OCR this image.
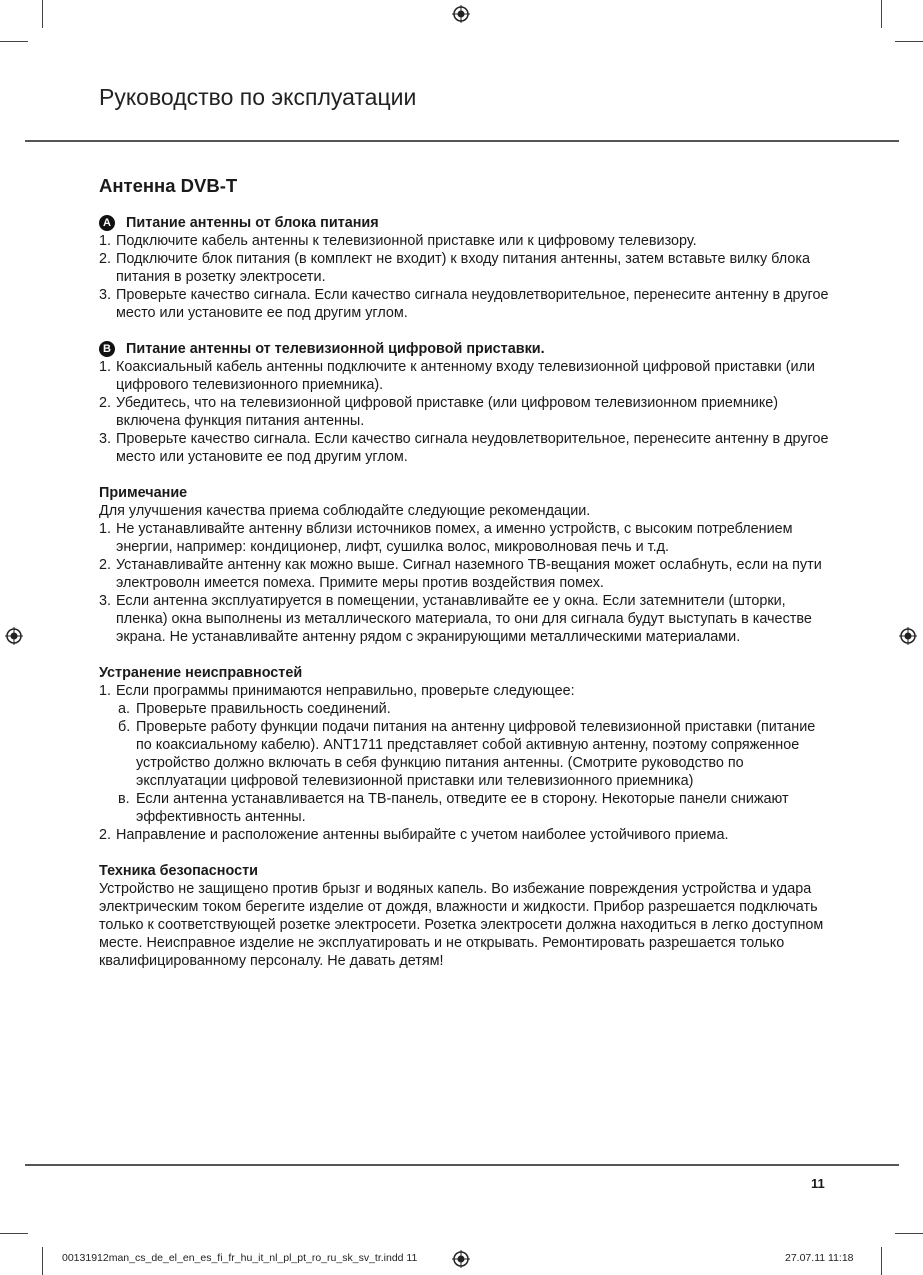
Руководство по эксплуатации
Антенна DVB-T
A Питание антенны от блока питания
1. Подключите кабель антенны к телевизионной приставке или к цифровому телевизору.
2. Подключите блок питания (в комплект не входит) к входу питания антенны, затем вставьте вилку блока питания в розетку электросети.
3. Проверьте качество сигнала. Если качество сигнала неудовлетворительное, перенесите антенну в другое место или установите ее под другим углом.
B Питание антенны от телевизионной цифровой приставки.
1. Коаксиальный кабель антенны подключите к антенному входу телевизионной цифровой приставки (или цифрового телевизионного приемника).
2. Убедитесь, что на телевизионной цифровой приставке (или цифровом телевизионном приемнике) включена функция питания антенны.
3. Проверьте качество сигнала. Если качество сигнала неудовлетворительное, перенесите антенну в другое место или установите ее под другим углом.

Примечание

Для улучшения качества приема соблюдайте следующие рекомендации.

1. Не устанавливайте антенну вблизи источников помех, а именно устройств, с высоким потреблением энергии, например: кондиционер, лифт, сушилка волос, микроволновая печь и т.д.
2. Устанавливайте антенну как можно выше. Сигнал наземного ТВ-вещания может ослабнуть, если на пути электроволн имеется помеха. Примите меры против воздействия помех.
3. Если антенна эксплуатируется в помещении, устанавливайте ее у окна. Если затемнители (шторки, пленка) окна выполнены из металлического материала, то они для сигнала будут выступать в качестве экрана. Не устанавливайте антенну рядом с экранирующими металлическими материалами.

Устранение неисправностей

1. Если программы принимаются неправильно, проверьте следующее:
а. Проверьте правильность соединений.
б. Проверьте работу функции подачи питания на антенну цифровой телевизионной приставки (питание по коаксиальному кабелю). ANT1711 представляет собой активную антенну, поэтому сопряженное устройство должно включать в себя функцию питания антенны. (Смотрите руководство по эксплуатации цифровой телевизионной приставки или телевизионного приемника)
в. Если антенна устанавливается на ТВ-панель, отведите ее в сторону. Некоторые панели снижают эффективность антенны.
2. Направление и расположение антенны выбирайте с учетом наиболее устойчивого приема.

Техника безопасности

Устройство не защищено против брызг и водяных капель. Во избежание повреждения устройства и удара электрическим током берегите изделие от дождя, влажности и жидкости. Прибор разрешается подключать только к соответствующей розетке электросети. Розетка электросети должна находиться в легко доступном месте. Неисправное изделие не эксплуатировать и не открывать. Ремонтировать разрешается только квалифицированному персоналу. Не давать детям!

11
00131912man_cs_de_el_en_es_fi_fr_hu_it_nl_pl_pt_ro_ru_sk_sv_tr.indd 11	27.07.11 11:18
